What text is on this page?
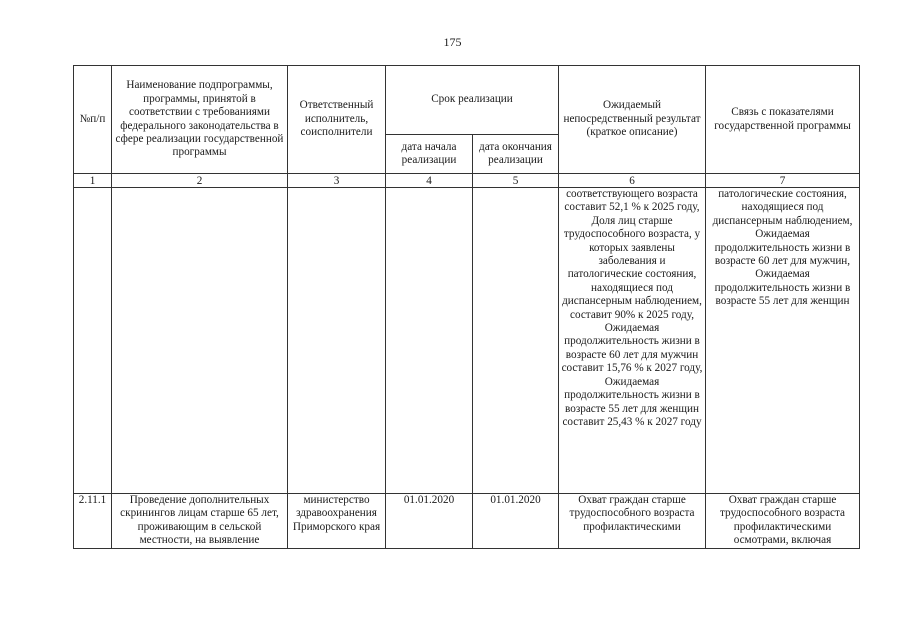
175
№п/п	Наименование подпрограммы, программы, принятой в соответствии с требованиями федерального законодательства в сфере реализации государственной программы	Ответственный исполнитель, соисполнители	Срок реализации		Ожидаемый непосредственный результат (краткое описание)	Связь с показателями государственной программы
			дата начала реализации	дата окончания реализации		
1	2	3	4	5	6	7
					соответствующего возраста составит 52,1 % к 2025 году, Доля лиц старше трудоспособного возраста, у которых заявлены заболевания и патологические состояния, находящиеся под диспансерным наблюдением, составит 90% к 2025 году, Ожидаемая продолжительность жизни в возрасте 60 лет для мужчин составит 15,76 % к 2027 году, Ожидаемая продолжительность жизни в возрасте 55 лет для женщин составит 25,43 % к 2027 году	патологические состояния, находящиеся под диспансерным наблюдением, Ожидаемая продолжительность жизни в возрасте 60 лет для мужчин, Ожидаемая продолжительность жизни в возрасте 55 лет для женщин
2.11.1	Проведение дополнительных скринингов лицам старше 65 лет, проживающим в сельской местности, на выявление	министерство здравоохранения Приморского края	01.01.2020	01.01.2020	Охват граждан старше трудоспособного возраста профилактическими	Охват граждан старше трудоспособного возраста профилактическими осмотрами, включая
